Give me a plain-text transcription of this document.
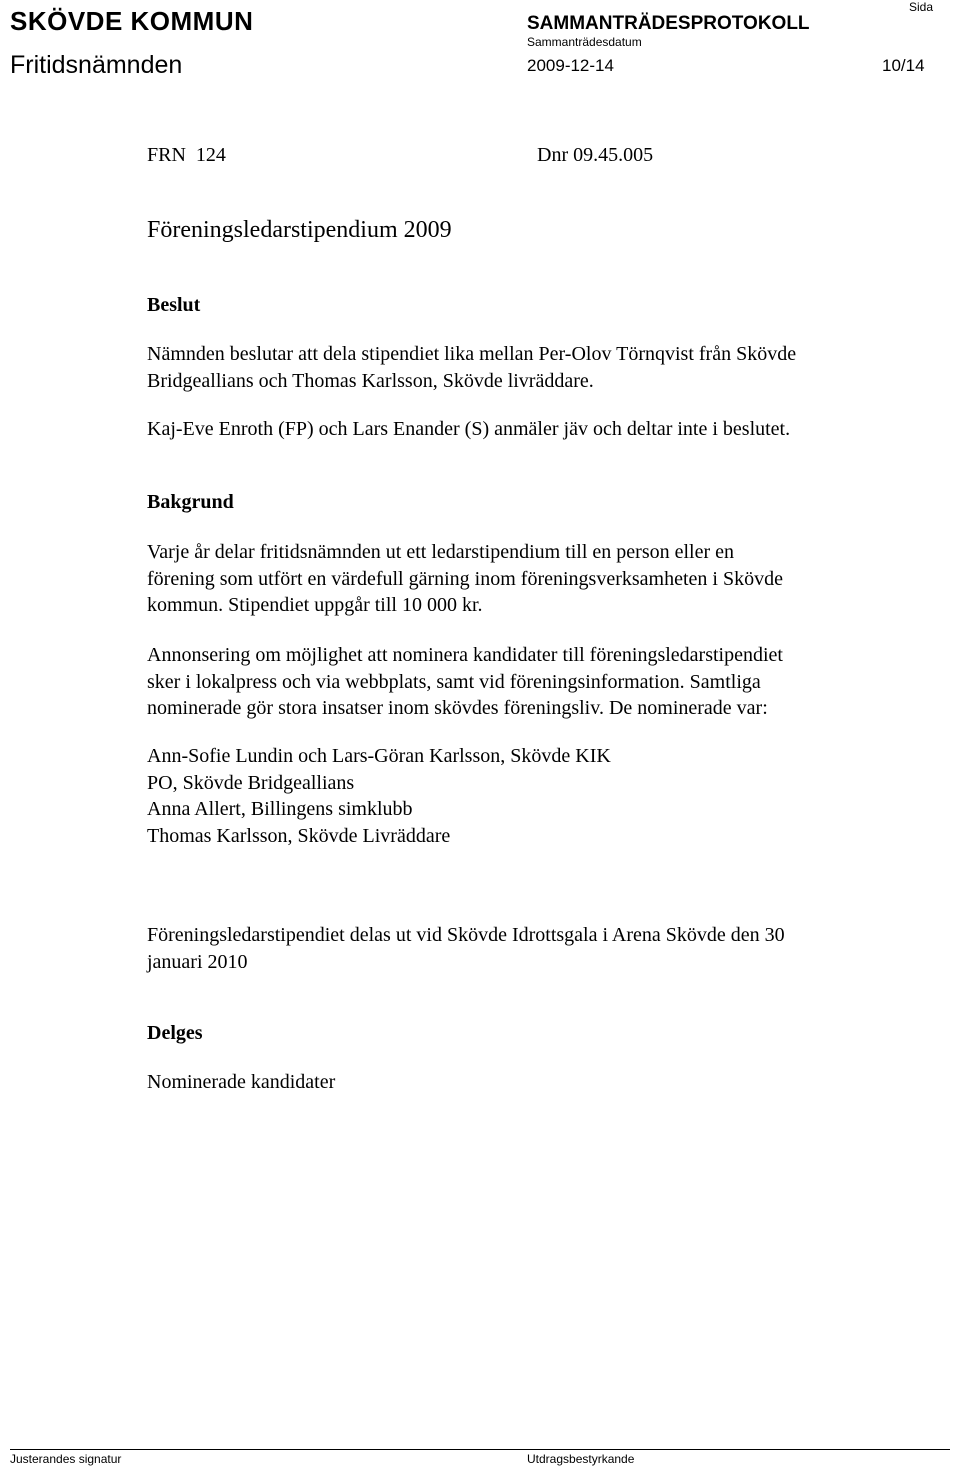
SKÖVDE KOMMUN	SAMMANTRÄDESPROTOKOLL
Sida
Sammanträdesdatum
Fritidsnämnden	2009-12-14	10/14
FRN  124	Dnr 09.45.005
Föreningsledarstipendium 2009
Beslut
Nämnden beslutar att dela stipendiet lika mellan Per-Olov Törnqvist från Skövde
Bridgeallians och Thomas Karlsson, Skövde livräddare.
Kaj-Eve Enroth (FP) och Lars Enander (S) anmäler jäv och deltar inte i beslutet.
Bakgrund
Varje år delar fritidsnämnden ut ett ledarstipendium till en person eller en
förening som utfört en värdefull gärning inom föreningsverksamheten i Skövde
kommun. Stipendiet uppgår till 10 000 kr.
Annonsering om möjlighet att nominera kandidater till föreningsledarstipendiet
sker i lokalpress och via webbplats, samt vid föreningsinformation. Samtliga
nominerade gör stora insatser inom skövdes föreningsliv. De nominerade var:
Ann-Sofie Lundin och Lars-Göran Karlsson, Skövde KIK
PO, Skövde Bridgeallians
Anna Allert, Billingens simklubb
Thomas Karlsson, Skövde Livräddare
Föreningsledarstipendiet delas ut vid Skövde Idrottsgala i Arena Skövde den 30
januari 2010
Delges
Nominerade kandidater
Justerandes signatur	Utdragsbestyrkande
